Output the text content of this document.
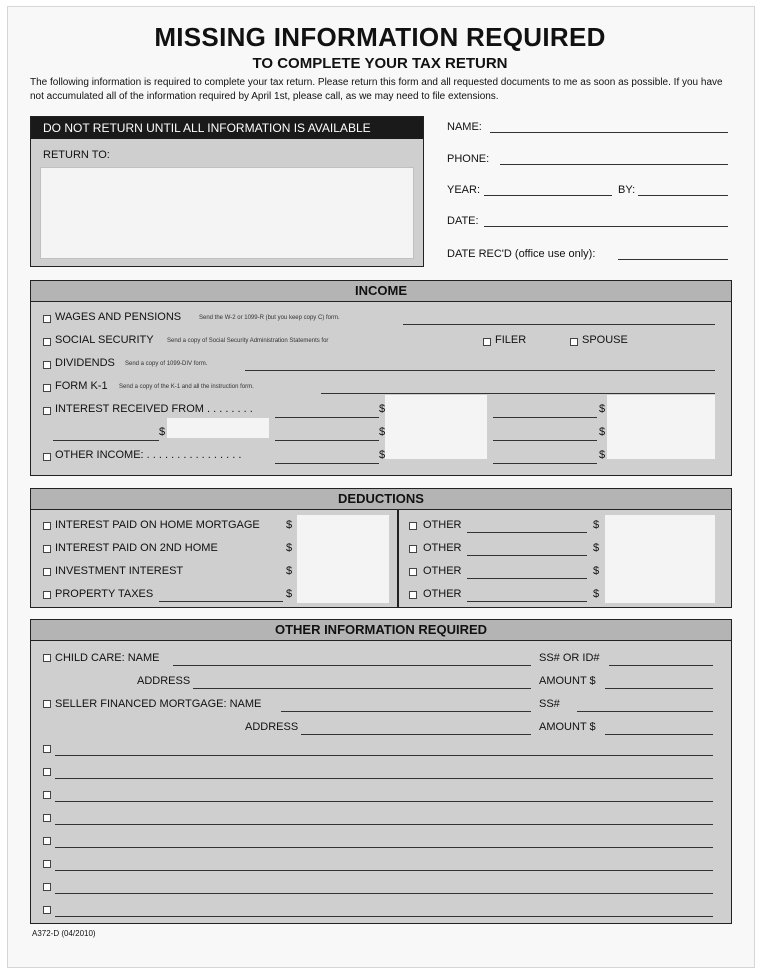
MISSING INFORMATION REQUIRED
TO COMPLETE YOUR TAX RETURN
The following information is required to complete your tax return. Please return this form and all requested documents to me as soon as possible. If you have not accumulated all of the information required by April 1st, please call, as we may need to file extensions.
DO NOT RETURN UNTIL ALL INFORMATION IS AVAILABLE
RETURN TO:
NAME:
PHONE:
YEAR:	BY:
DATE:
DATE REC'D (office use only):
INCOME
WAGES AND PENSIONS	Send the W-2 or 1099-R (but you keep copy C) form.
SOCIAL SECURITY Send a copy of Social Security Administration Statements for	FILER	SPOUSE
DIVIDENDS Send a copy of 1099-DIV form.
FORM K-1 Send a copy of the K-1 and all the instruction form.
INTEREST RECEIVED FROM . . . . . . . .	$	$
$	$	$
OTHER INCOME: . . . . . . . . . . . . . . . .	$	$
DEDUCTIONS
INTEREST PAID ON HOME MORTGAGE $
INTEREST PAID ON 2ND HOME	$
INVESTMENT INTEREST	$
PROPERTY TAXES	$
OTHER	$
OTHER	$
OTHER	$
OTHER	$
OTHER INFORMATION REQUIRED
CHILD CARE: NAME	SS# OR ID#
ADDRESS	AMOUNT $
SELLER FINANCED MORTGAGE: NAME	SS#
ADDRESS	AMOUNT $
A372-D (04/2010)
